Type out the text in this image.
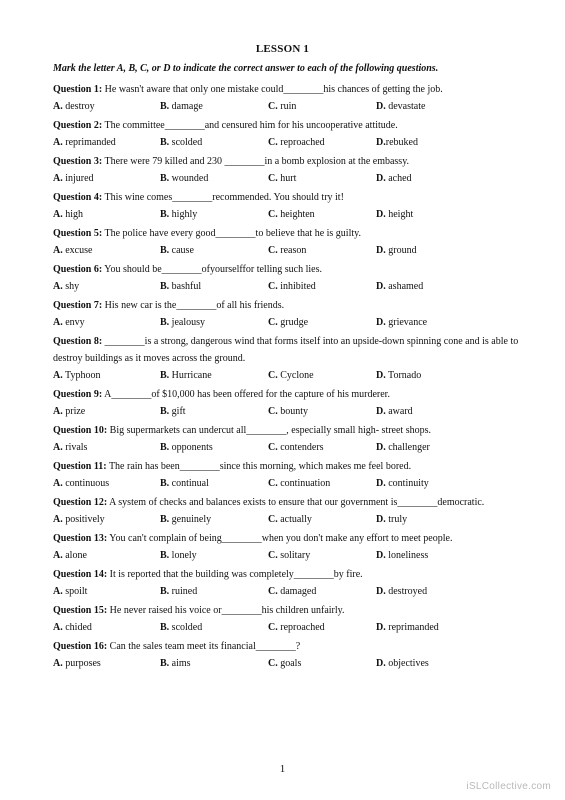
LESSON 1
Mark the letter A, B, C, or D to indicate the correct answer to each of the following questions.
Question 1: He wasn't aware that only one mistake could________his chances of getting the job.
A. destroy	B. damage	C. ruin	D. devastate
Question 2: The committee________and censured him for his uncooperative attitude.
A. reprimanded	B. scolded	C. reproached	D.rebuked
Question 3: There were 79 killed and 230 ________in a bomb explosion at the embassy.
A. injured	B. wounded	C. hurt	D. ached
Question 4: This wine comes________recommended. You should try it!
A. high	B. highly	C. heighten	D. height
Question 5: The police have every good________to believe that he is guilty.
A. excuse	B. cause	C. reason	D. ground
Question 6: You should be________ofyourselffor telling such lies.
A. shy	B. bashful	C. inhibited	D. ashamed
Question 7: His new car is the________of all his friends.
A. envy	B. jealousy	C. grudge	D. grievance
Question 8: ________is a strong, dangerous wind that forms itself into an upside-down spinning cone and is able to destroy buildings as it moves across the ground.
A. Typhoon	B. Hurricane	C. Cyclone	D. Tornado
Question 9: A________of $10,000 has been offered for the capture of his murderer.
A. prize	B. gift	C. bounty	D. award
Question 10: Big supermarkets can undercut all________, especially small high- street shops.
A. rivals	B. opponents	C. contenders	D. challenger
Question 11: The rain has been________since this morning, which makes me feel bored.
A. continuous	B. continual	C. continuation	D. continuity
Question 12: A system of checks and balances exists to ensure that our government is________democratic.
A. positively	B. genuinely	C. actually	D. truly
Question 13: You can't complain of being________when you don't make any effort to meet people.
A. alone	B. lonely	C. solitary	D. loneliness
Question 14: It is reported that the building was completely________by fire.
A. spoilt	B. ruined	C. damaged	D. destroyed
Question 15: He never raised his voice or________his children unfairly.
A. chided	B. scolded	C. reproached	D. reprimanded
Question 16: Can the sales team meet its financial________?
A. purposes	B. aims	C. goals	D. objectives
1
iSLCollective.com
